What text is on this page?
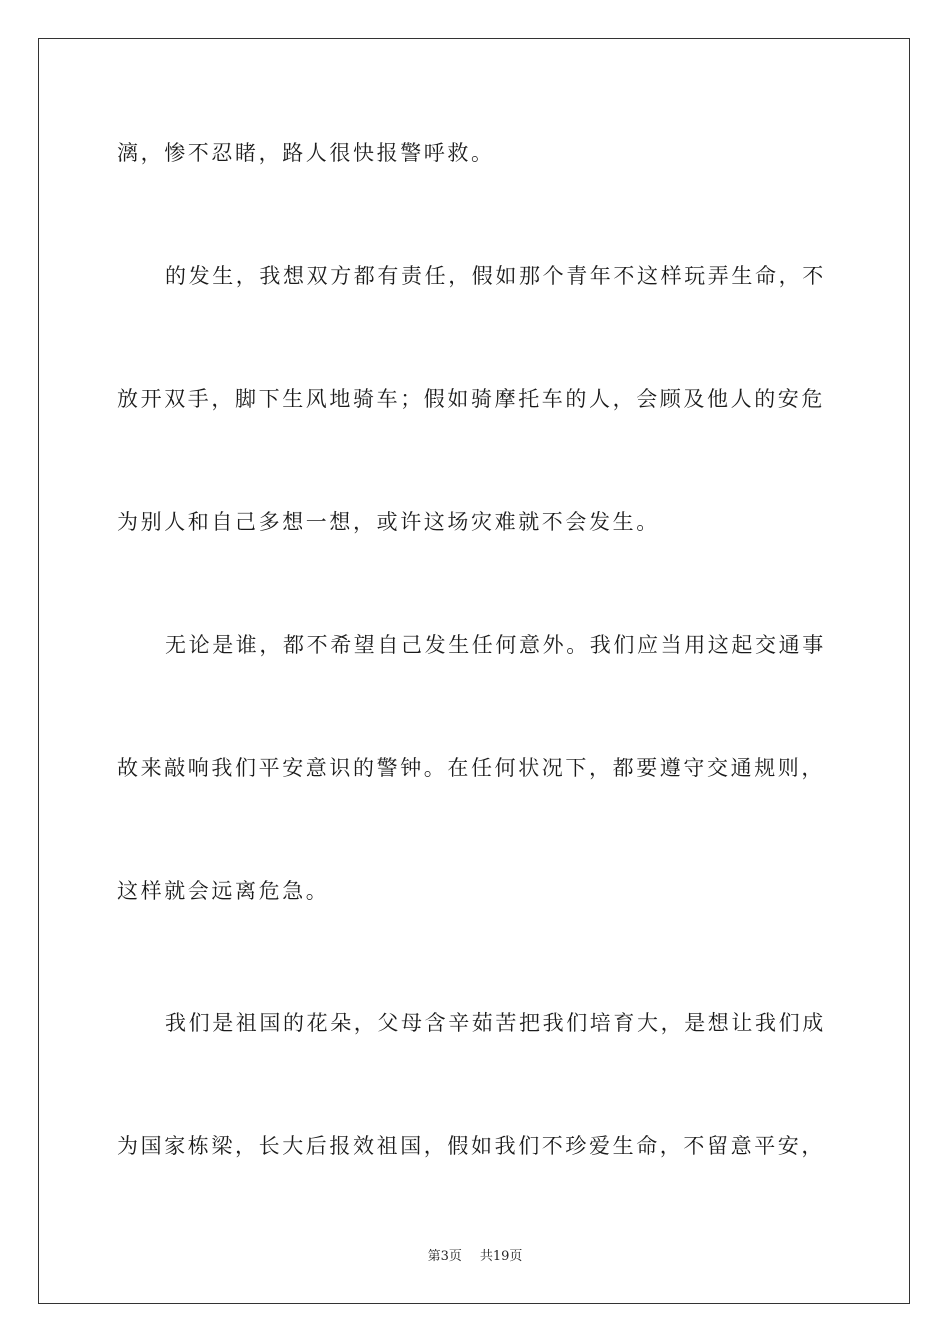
漓，惨不忍睹，路人很快报警呼救。
的发生，我想双方都有责任，假如那个青年不这样玩弄生命，不
放开双手，脚下生风地骑车；假如骑摩托车的人，会顾及他人的安危
为别人和自己多想一想，或许这场灾难就不会发生。
无论是谁，都不希望自己发生任何意外。我们应当用这起交通事
故来敲响我们平安意识的警钟。在任何状况下，都要遵守交通规则，
这样就会远离危急。
我们是祖国的花朵，父母含辛茹苦把我们培育大，是想让我们成
为国家栋梁，长大后报效祖国，假如我们不珍爱生命，不留意平安，
第3页 共19页
